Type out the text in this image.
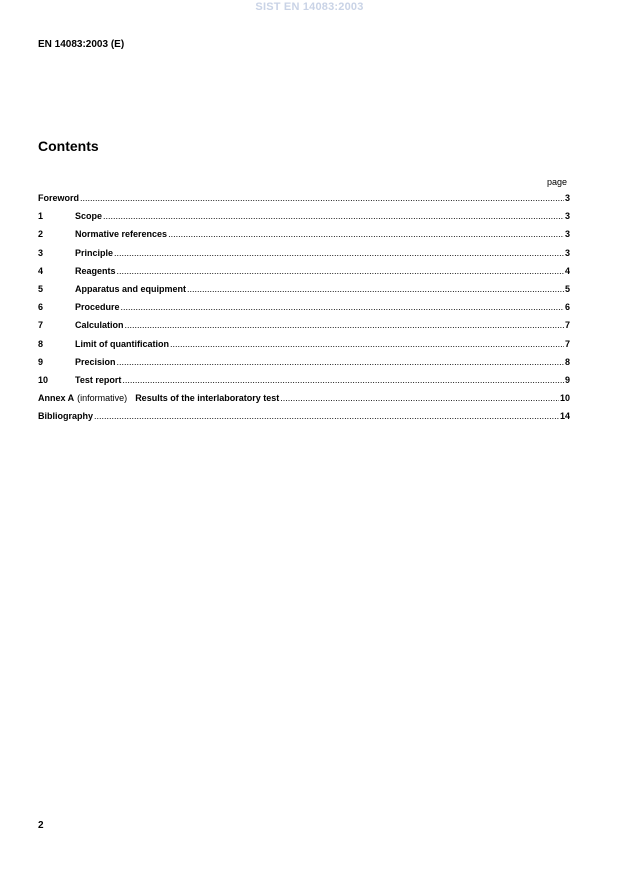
SIST EN 14083:2003
EN 14083:2003 (E)
Contents
page
Foreword .....	3
1	Scope .....	3
2	Normative references .....	3
3	Principle .....	3
4	Reagents .....	4
5	Apparatus and equipment .....	5
6	Procedure .....	6
7	Calculation .....	7
8	Limit of quantification .....	7
9	Precision .....	8
10	Test report .....	9
Annex A (informative) Results of the interlaboratory test .....	10
Bibliography .....	14
2
